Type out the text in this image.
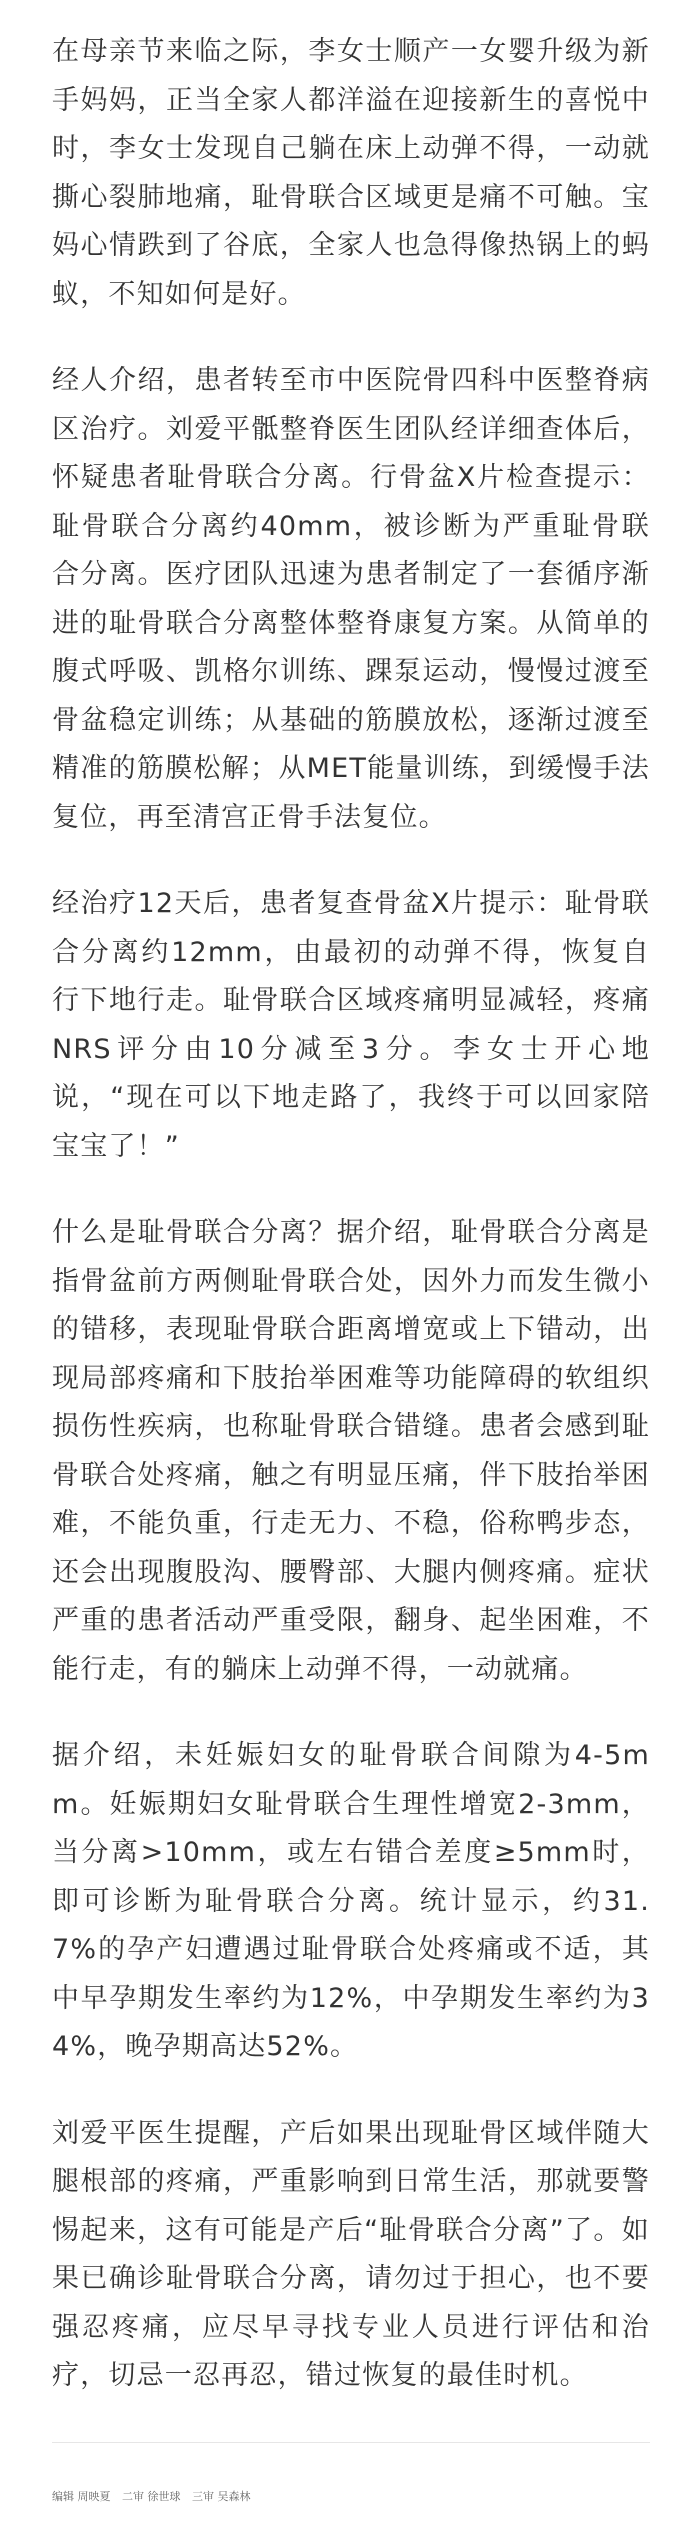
在母亲节来临之际，李女士顺产一女婴升级为新手妈妈，正当全家人都洋溢在迎接新生的喜悦中时，李女士发现自己躺在床上动弹不得，一动就撕心裂肺地痛，耻骨联合区域更是痛不可触。宝妈心情跌到了谷底，全家人也急得像热锅上的蚂蚁，不知如何是好。

经人介绍，患者转至市中医院骨四科中医整脊病区治疗。刘爱平骶整脊医生团队经详细查体后，怀疑患者耻骨联合分离。行骨盆X片检查提示：耻骨联合分离约40mm，被诊断为严重耻骨联合分离。医疗团队迅速为患者制定了一套循序渐进的耻骨联合分离整体整脊康复方案。从简单的腹式呼吸、凯格尔训练、踝泵运动，慢慢过渡至骨盆稳定训练；从基础的筋膜放松，逐渐过渡至精准的筋膜松解；从MET能量训练，到缓慢手法复位，再至清宫正骨手法复位。

经治疗12天后，患者复查骨盆X片提示：耻骨联合分离约12mm，由最初的动弹不得，恢复自行下地行走。耻骨联合区域疼痛明显减轻，疼痛NRS评分由10分减至3分。李女士开心地说，“现在可以下地走路了，我终于可以回家陪宝宝了！”

什么是耻骨联合分离？据介绍，耻骨联合分离是指骨盆前方两侧耻骨联合处，因外力而发生微小的错移，表现耻骨联合距离增宽或上下错动，出现局部疼痛和下肢抬举困难等功能障碍的软组织损伤性疾病，也称耻骨联合错缝。患者会感到耻骨联合处疼痛，触之有明显压痛，伴下肢抬举困难，不能负重，行走无力、不稳，俗称鸭步态，还会出现腹股沟、腰臀部、大腿内侧疼痛。症状严重的患者活动严重受限，翻身、起坐困难，不能行走，有的躺床上动弹不得，一动就痛。

据介绍，未妊娠妇女的耻骨联合间隙为4-5mm。妊娠期妇女耻骨联合生理性增宽2-3mm，当分离>10mm，或左右错合差度≥5mm时，即可诊断为耻骨联合分离。统计显示，约31.7%的孕产妇遭遇过耻骨联合处疼痛或不适，其中早孕期发生率约为12%，中孕期发生率约为34%，晚孕期高达52%。

刘爱平医生提醒，产后如果出现耻骨区域伴随大腿根部的疼痛，严重影响到日常生活，那就要警惕起来，这有可能是产后“耻骨联合分离”了。如果已确诊耻骨联合分离，请勿过于担心，也不要强忍疼痛，应尽早寻找专业人员进行评估和治疗，切忌一忍再忍，错过恢复的最佳时机。

编辑 周映夏 二审 徐世球 三审 吴森林
